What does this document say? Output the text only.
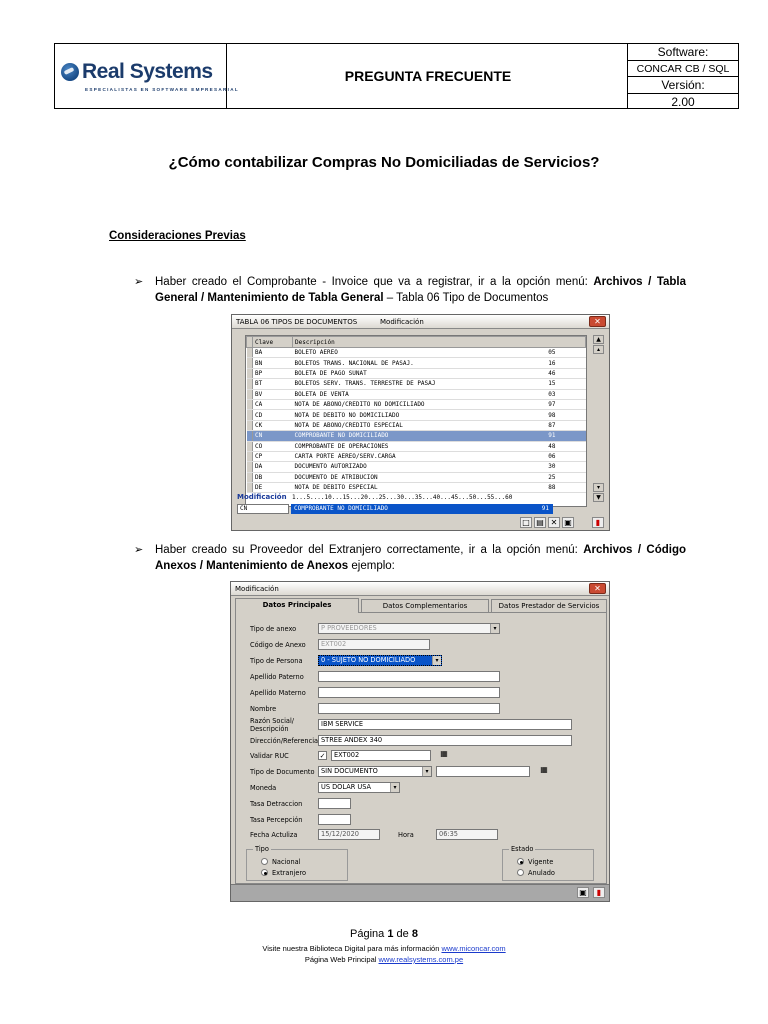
Real Systems
ESPECIALISTAS EN SOFTWARE EMPRESARIAL
PREGUNTA FRECUENTE
Software:
CONCAR CB / SQL
Versión:
2.00
¿Cómo contabilizar Compras No Domiciliadas de Servicios?
Consideraciones Previas
➢	Haber creado el Comprobante - Invoice que va a registrar, ir a la opción menú: Archivos / Tabla General / Mantenimiento de Tabla General – Tabla 06 Tipo de Documentos
TABLA 06 TIPOS DE DOCUMENTOS	Modificación	✕
	Clave	Descripción	
	BA	BOLETO AEREO	05
	BN	BOLETOS TRANS. NACIONAL DE PASAJ.	16
	BP	BOLETA DE PAGO SUNAT	46
	BT	BOLETOS SERV. TRANS. TERRESTRE DE PASAJ	15
	BV	BOLETA DE VENTA	03
	CA	NOTA DE ABONO/CREDITO NO DOMICILIADO	97
	CD	NOTA DE DEBITO NO DOMICILIADO	98
	CK	NOTA DE ABONO/CREDITO ESPECIAL	87
	CN	COMPROBANTE NO DOMICILIADO	91
	CO	COMPROBANTE DE OPERACIONES	48
	CP	CARTA PORTE AEREO/SERV.CARGA	06
	DA	DOCUMENTO AUTORIZADO	30
	DB	DOCUMENTO DE ATRIBUCION	25
	DE	NOTA DE DEBITO ESPECIAL	88
▲
▴
▾
▼
Modificación 1...5....10...15...20...25...30...35...40...45...50...55...60
CN	COMPROBANTE NO DOMICILIADO	91
□ ▤ ✕ ▣	▮
➢	Haber creado su Proveedor del Extranjero correctamente, ir a la opción menú: Archivos / Código Anexos / Mantenimiento de Anexos ejemplo:
Modificación	✕
Datos Principales	Datos Complementarios	Datos Prestador de Servicios
Tipo de anexo	P PROVEEDORES	▾
Código de Anexo	EXT002
Tipo de Persona	0 - SUJETO NO DOMICILIADO	▾
Apellido Paterno
Apellido Materno
Nombre
Razón Social/
Descripción
IBM SERVICE
Dirección/Referencia STREE ANDEX 340
Validar RUC	✓	EXT002	▦
Tipo de Documento SIN DOCUMENTO	▾	▦
Moneda	US DOLAR USA	▾
Tasa Detraccion
Tasa Percepción
Fecha Actuliza	15/12/2020	Hora	06:35
Tipo
Nacional
Extranjero
Estado
Vigente
Anulado
▣	▮
Página 1 de 8
Visite nuestra Biblioteca Digital para más información www.miconcar.com
Página Web Principal www.realsystems.com.pe
